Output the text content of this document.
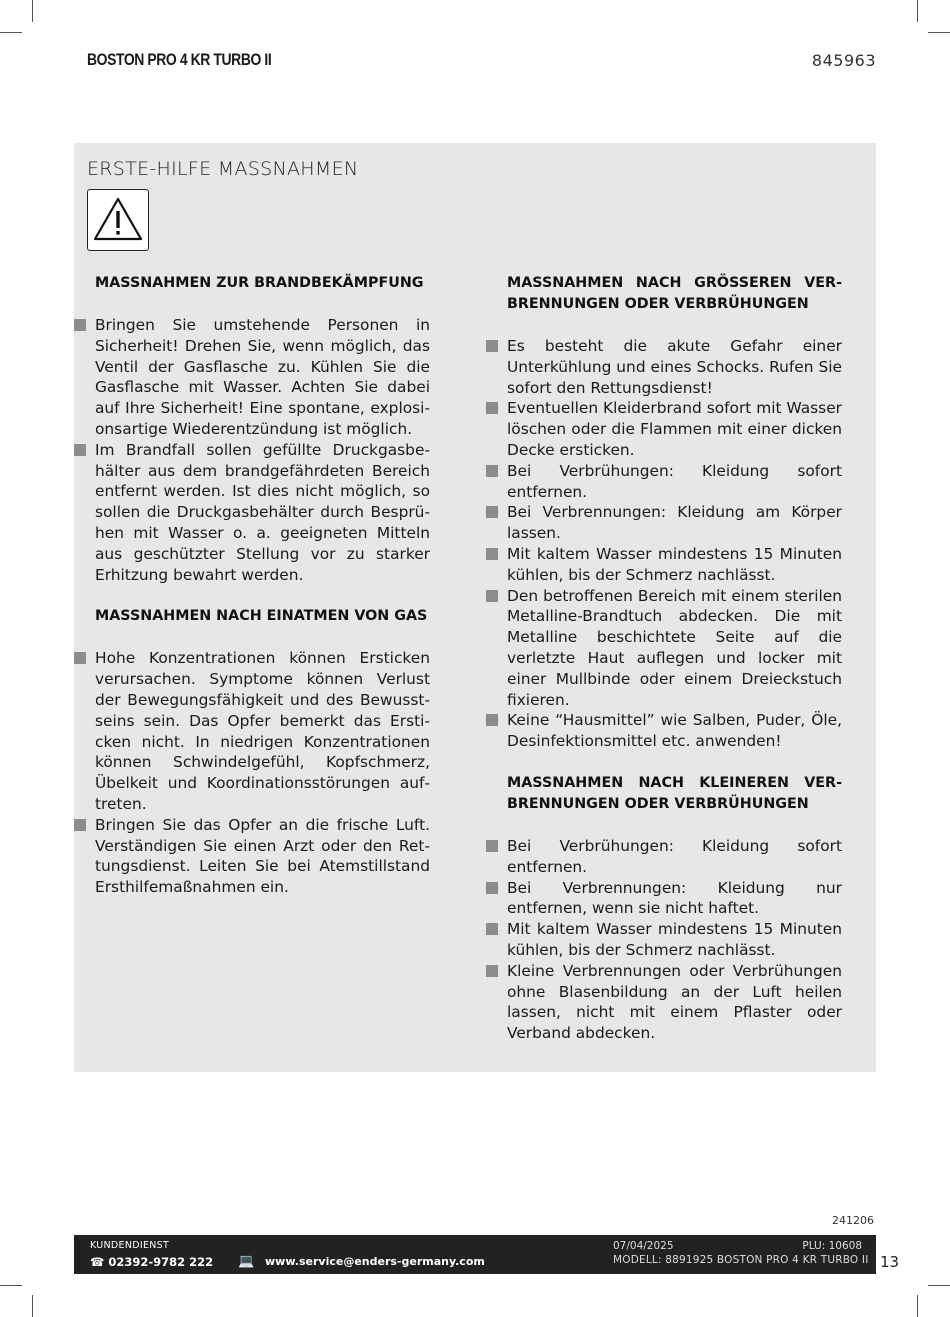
BOSTON PRO 4 KR TURBO II	845963
ERSTE-HILFE MASSNAHMEN
MASSNAHMEN ZUR BRANDBEKÄMPFUNG
Bringen Sie umstehende Personen in Sicherheit! Drehen Sie, wenn möglich, das Ventil der Gasflasche zu. Kühlen Sie die Gasflasche mit Wasser. Achten Sie dabei auf Ihre Sicherheit! Eine spontane, explosionsartige Wiederentzündung ist möglich.
Im Brandfall sollen gefüllte Druckgasbehälter aus dem brandgefährdeten Bereich entfernt werden. Ist dies nicht möglich, so sollen die Druckgasbehälter durch Besprühen mit Wasser o. a. geeigneten Mitteln aus geschützter Stellung vor zu starker Erhitzung bewahrt werden.
MASSNAHMEN NACH EINATMEN VON GAS
Hohe Konzentrationen können Ersticken verursachen. Symptome können Verlust der Bewegungsfähigkeit und des Bewusstseins sein. Das Opfer bemerkt das Ersticken nicht. In niedrigen Konzentrationen können Schwindelgefühl, Kopfschmerz, Übelkeit und Koordinationsstörungen auftreten.
Bringen Sie das Opfer an die frische Luft. Verständigen Sie einen Arzt oder den Rettungsdienst. Leiten Sie bei Atemstillstand Ersthilfemaßnahmen ein.
MASSNAHMEN NACH GRÖSSEREN VERBRENNUNGEN ODER VERBRÜHUNGEN
Es besteht die akute Gefahr einer Unterkühlung und eines Schocks. Rufen Sie sofort den Rettungsdienst!
Eventuellen Kleiderbrand sofort mit Wasser löschen oder die Flammen mit einer dicken Decke ersticken.
Bei Verbrühungen: Kleidung sofort entfernen.
Bei Verbrennungen: Kleidung am Körper lassen.
Mit kaltem Wasser mindestens 15 Minuten kühlen, bis der Schmerz nachlässt.
Den betroffenen Bereich mit einem sterilen Metalline-Brandtuch abdecken. Die mit Metalline beschichtete Seite auf die verletzte Haut auflegen und locker mit einer Mullbinde oder einem Dreieckstuch fixieren.
Keine “Hausmittel” wie Salben, Puder, Öle, Desinfektionsmittel etc. anwenden!
MASSNAHMEN NACH KLEINEREN VERBRENNUNGEN ODER VERBRÜHUNGEN
Bei Verbrühungen: Kleidung sofort entfernen.
Bei Verbrennungen: Kleidung nur entfernen, wenn sie nicht haftet.
Mit kaltem Wasser mindestens 15 Minuten kühlen, bis der Schmerz nachlässt.
Kleine Verbrennungen oder Verbrühungen ohne Blasenbildung an der Luft heilen lassen, nicht mit einem Pflaster oder Verband abdecken.
241206
KUNDENDIENST
☎ 02392-9782 222 💻 www.service@enders-germany.com
07/04/2025	PLU: 10608
MODELL: 8891925 BOSTON PRO 4 KR TURBO II 13
